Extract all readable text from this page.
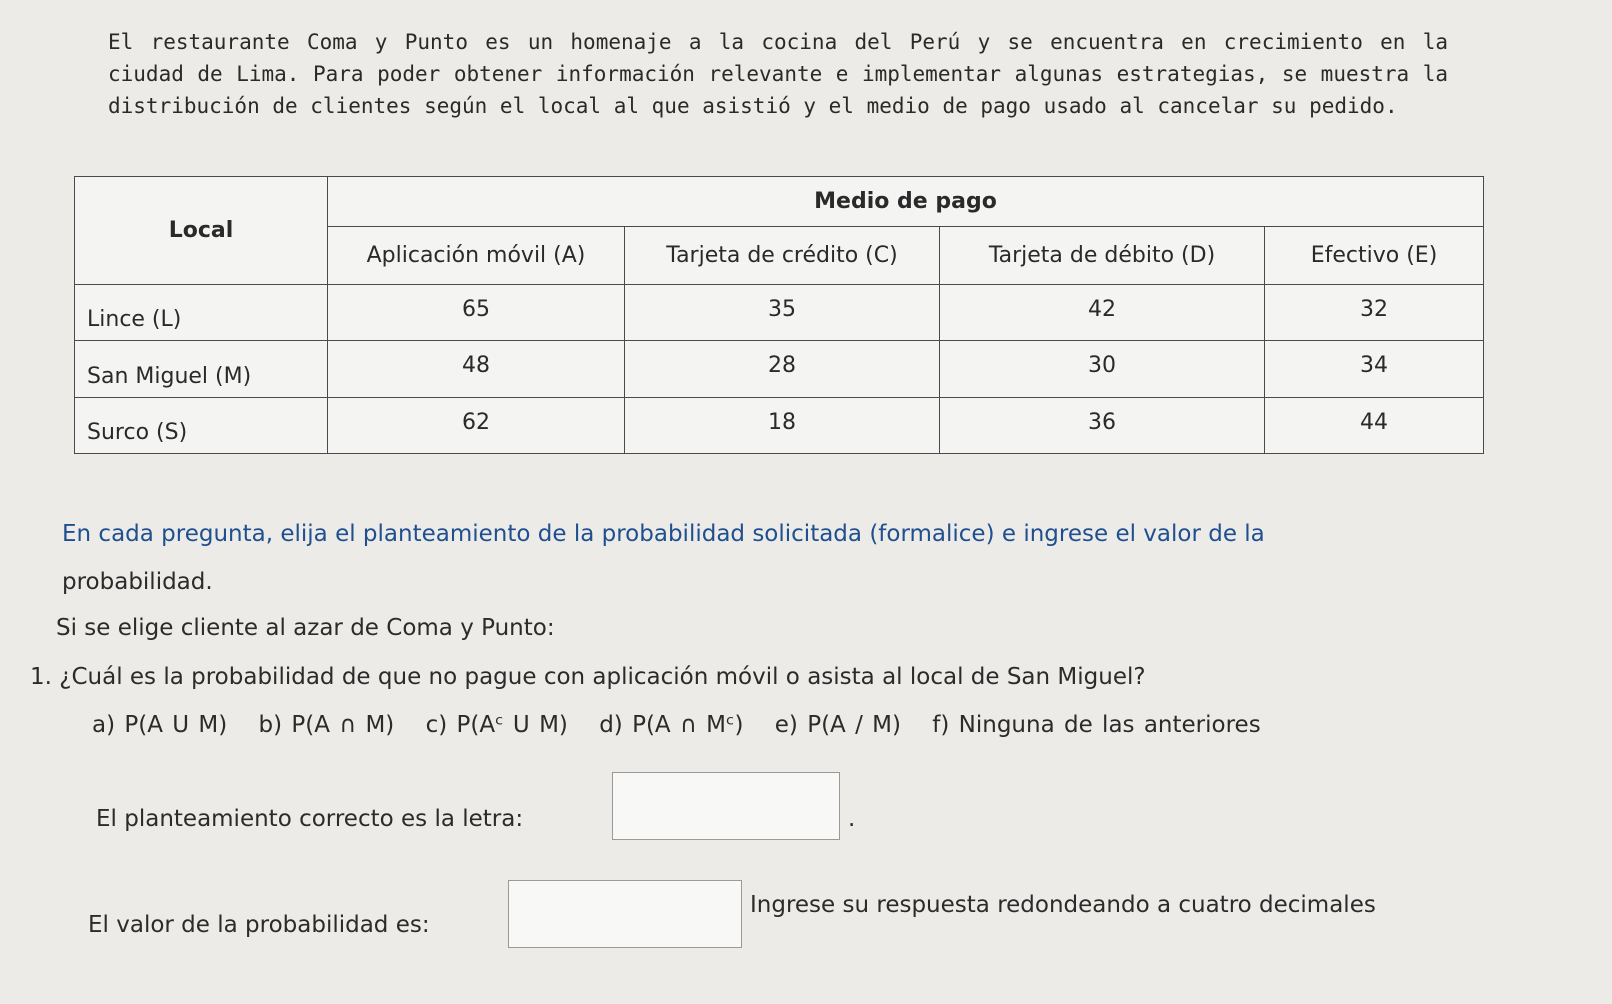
El restaurante Coma y Punto es un homenaje a la cocina del Perú y se encuentra en crecimiento en la ciudad de Lima. Para poder obtener información relevante e implementar algunas estrategias, se muestra la distribución de clientes según el local al que asistió y el medio de pago usado al cancelar su pedido.
Local	Medio de pago			
	Aplicación móvil (A)	Tarjeta de crédito (C)	Tarjeta de débito (D)	Efectivo (E)
Lince (L)	65	35	42	32
San Miguel (M)	48	28	30	34
Surco (S)	62	18	36	44
En cada pregunta, elija el planteamiento de la probabilidad solicitada (formalice) e ingrese el valor de la
probabilidad.
Si se elige cliente al azar de Coma y Punto:
1. ¿Cuál es la probabilidad de que no pague con aplicación móvil o asista al local de San Miguel?
a) P(A U M) b) P(A ∩ M) c) P(Aᶜ U M) d) P(A ∩ Mᶜ) e) P(A / M) f) Ninguna de las anteriores
El planteamiento correcto es la letra:	.
El valor de la probabilidad es:
Ingrese su respuesta redondeando a cuatro decimales
